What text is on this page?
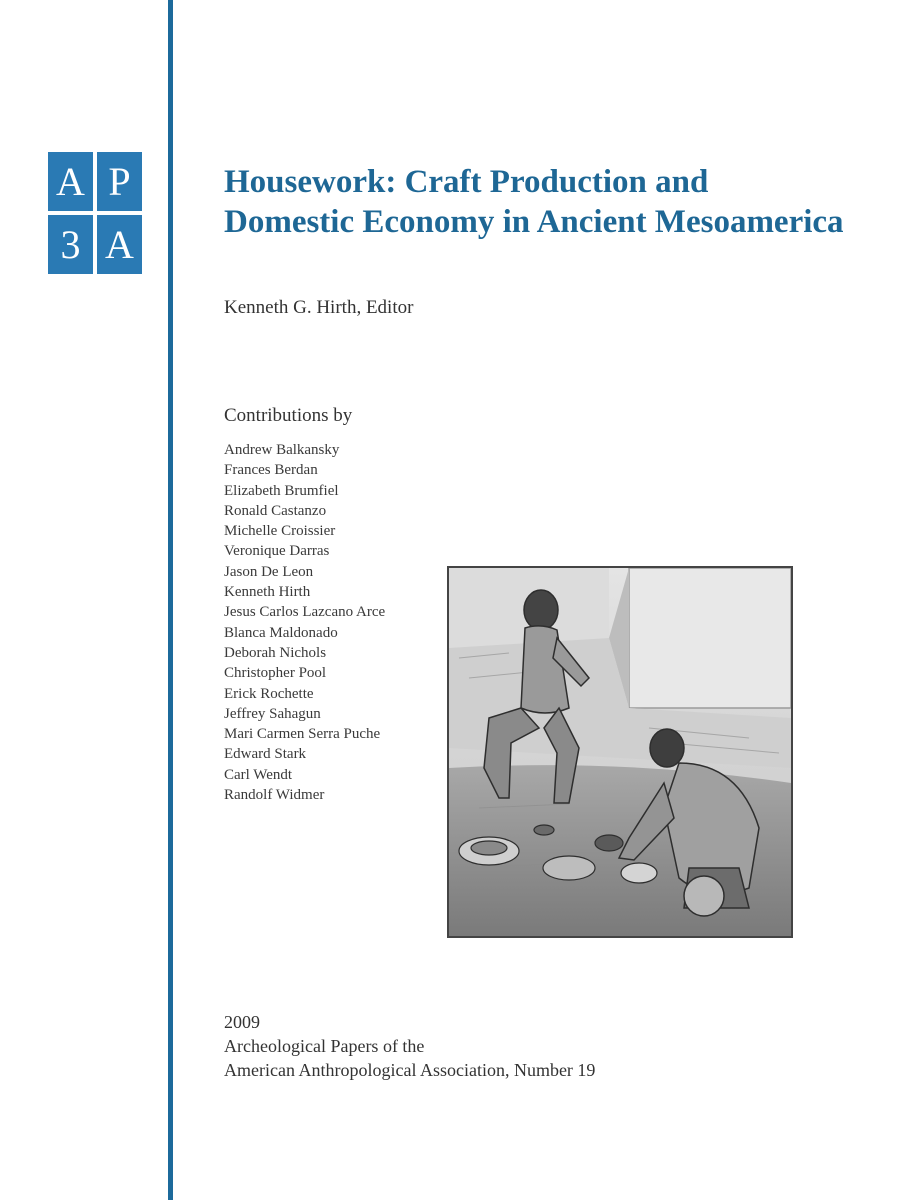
A P
3 A
Housework: Craft Production and Domestic Economy in Ancient Mesoamerica
Kenneth G. Hirth, Editor
Contributions by
Andrew Balkansky
Frances Berdan
Elizabeth Brumfiel
Ronald Castanzo
Michelle Croissier
Veronique Darras
Jason De Leon
Kenneth Hirth
Jesus Carlos Lazcano Arce
Blanca Maldonado
Deborah Nichols
Christopher Pool
Erick Rochette
Jeffrey Sahagun
Mari Carmen Serra Puche
Edward Stark
Carl Wendt
Randolf Widmer
2009
Archeological Papers of the
American Anthropological Association, Number 19
